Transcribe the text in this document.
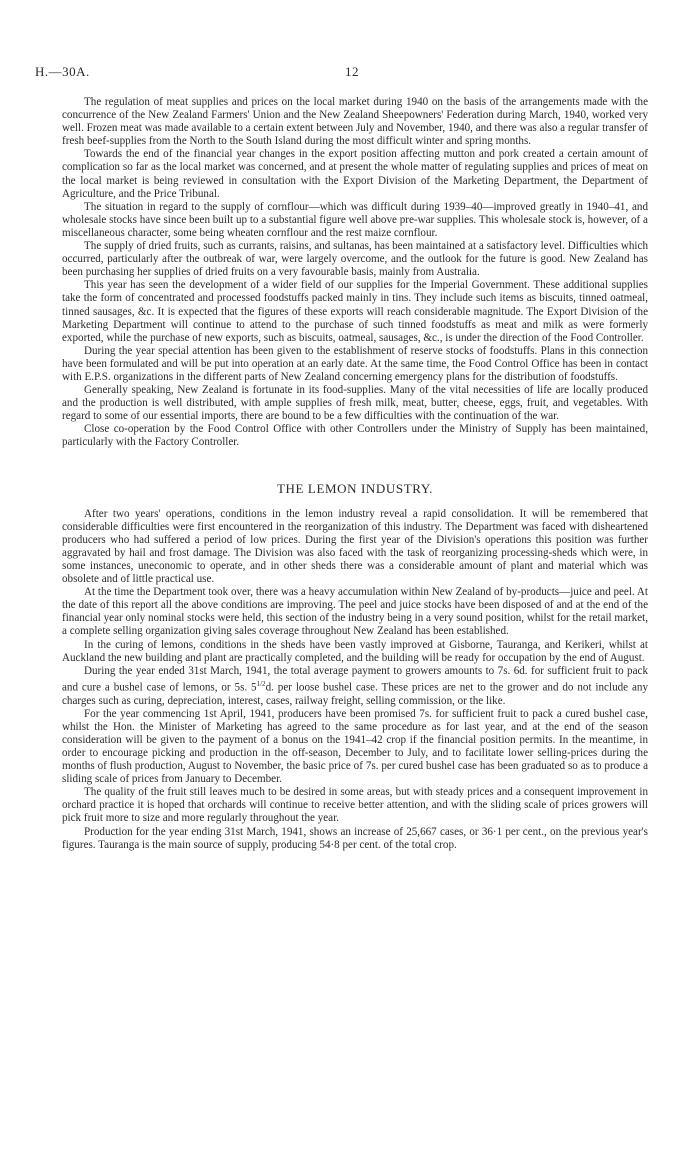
H.—30A.	12

The regulation of meat supplies and prices on the local market during 1940 on the basis of the arrangements made with the concurrence of the New Zealand Farmers' Union and the New Zealand Sheepowners' Federation during March, 1940, worked very well. Frozen meat was made available to a certain extent between July and November, 1940, and there was also a regular transfer of fresh beef-supplies from the North to the South Island during the most difficult winter and spring months.

Towards the end of the financial year changes in the export position affecting mutton and pork created a certain amount of complication so far as the local market was concerned, and at present the whole matter of regulating supplies and prices of meat on the local market is being reviewed in consultation with the Export Division of the Marketing Department, the Department of Agriculture, and the Price Tribunal.

The situation in regard to the supply of cornflour—which was difficult during 1939–40—improved greatly in 1940–41, and wholesale stocks have since been built up to a substantial figure well above pre-war supplies. This wholesale stock is, however, of a miscellaneous character, some being wheaten cornflour and the rest maize cornflour.

The supply of dried fruits, such as currants, raisins, and sultanas, has been maintained at a satisfactory level. Difficulties which occurred, particularly after the outbreak of war, were largely overcome, and the outlook for the future is good. New Zealand has been purchasing her supplies of dried fruits on a very favourable basis, mainly from Australia.

This year has seen the development of a wider field of our supplies for the Imperial Government. These additional supplies take the form of concentrated and processed foodstuffs packed mainly in tins. They include such items as biscuits, tinned oatmeal, tinned sausages, &c. It is expected that the figures of these exports will reach considerable magnitude. The Export Division of the Marketing Department will continue to attend to the purchase of such tinned foodstuffs as meat and milk as were formerly exported, while the purchase of new exports, such as biscuits, oatmeal, sausages, &c., is under the direction of the Food Controller.

During the year special attention has been given to the establishment of reserve stocks of foodstuffs. Plans in this connection have been formulated and will be put into operation at an early date. At the same time, the Food Control Office has been in contact with E.P.S. organizations in the different parts of New Zealand concerning emergency plans for the distribution of foodstuffs.

Generally speaking, New Zealand is fortunate in its food-supplies. Many of the vital necessities of life are locally produced and the production is well distributed, with ample supplies of fresh milk, meat, butter, cheese, eggs, fruit, and vegetables. With regard to some of our essential imports, there are bound to be a few difficulties with the continuation of the war.

Close co-operation by the Food Control Office with other Controllers under the Ministry of Supply has been maintained, particularly with the Factory Controller.

THE LEMON INDUSTRY.

After two years' operations, conditions in the lemon industry reveal a rapid consolidation. It will be remembered that considerable difficulties were first encountered in the reorganization of this industry. The Department was faced with disheartened producers who had suffered a period of low prices. During the first year of the Division's operations this position was further aggravated by hail and frost damage. The Division was also faced with the task of reorganizing processing-sheds which were, in some instances, uneconomic to operate, and in other sheds there was a considerable amount of plant and material which was obsolete and of little practical use.

At the time the Department took over, there was a heavy accumulation within New Zealand of by-products—juice and peel. At the date of this report all the above conditions are improving. The peel and juice stocks have been disposed of and at the end of the financial year only nominal stocks were held, this section of the industry being in a very sound position, whilst for the retail market, a complete selling organization giving sales coverage throughout New Zealand has been established.

In the curing of lemons, conditions in the sheds have been vastly improved at Gisborne, Tauranga, and Kerikeri, whilst at Auckland the new building and plant are practically completed, and the building will be ready for occupation by the end of August.

During the year ended 31st March, 1941, the total average payment to growers amounts to 7s. 6d. for sufficient fruit to pack and cure a bushel case of lemons, or 5s. $5^{1/2}d$. per loose bushel case. These prices are net to the grower and do not include any charges such as curing, depreciation, interest, cases, railway freight, selling commission, or the like.

For the year commencing 1st April, 1941, producers have been promised 7s. for sufficient fruit to pack a cured bushel case, whilst the Hon. the Minister of Marketing has agreed to the same procedure as for last year, and at the end of the season consideration will be given to the payment of a bonus on the 1941–42 crop if the financial position permits. In the meantime, in order to encourage picking and production in the off-season, December to July, and to facilitate lower selling-prices during the months of flush production, August to November, the basic price of 7s. per cured bushel case has been graduated so as to produce a sliding scale of prices from January to December.

The quality of the fruit still leaves much to be desired in some areas, but with steady prices and a consequent improvement in orchard practice it is hoped that orchards will continue to receive better attention, and with the sliding scale of prices growers will pick fruit more to size and more regularly throughout the year.

Production for the year ending 31st March, 1941, shows an increase of 25,667 cases, or 36·1 per cent., on the previous year's figures. Tauranga is the main source of supply, producing 54·8 per cent. of the total crop.
